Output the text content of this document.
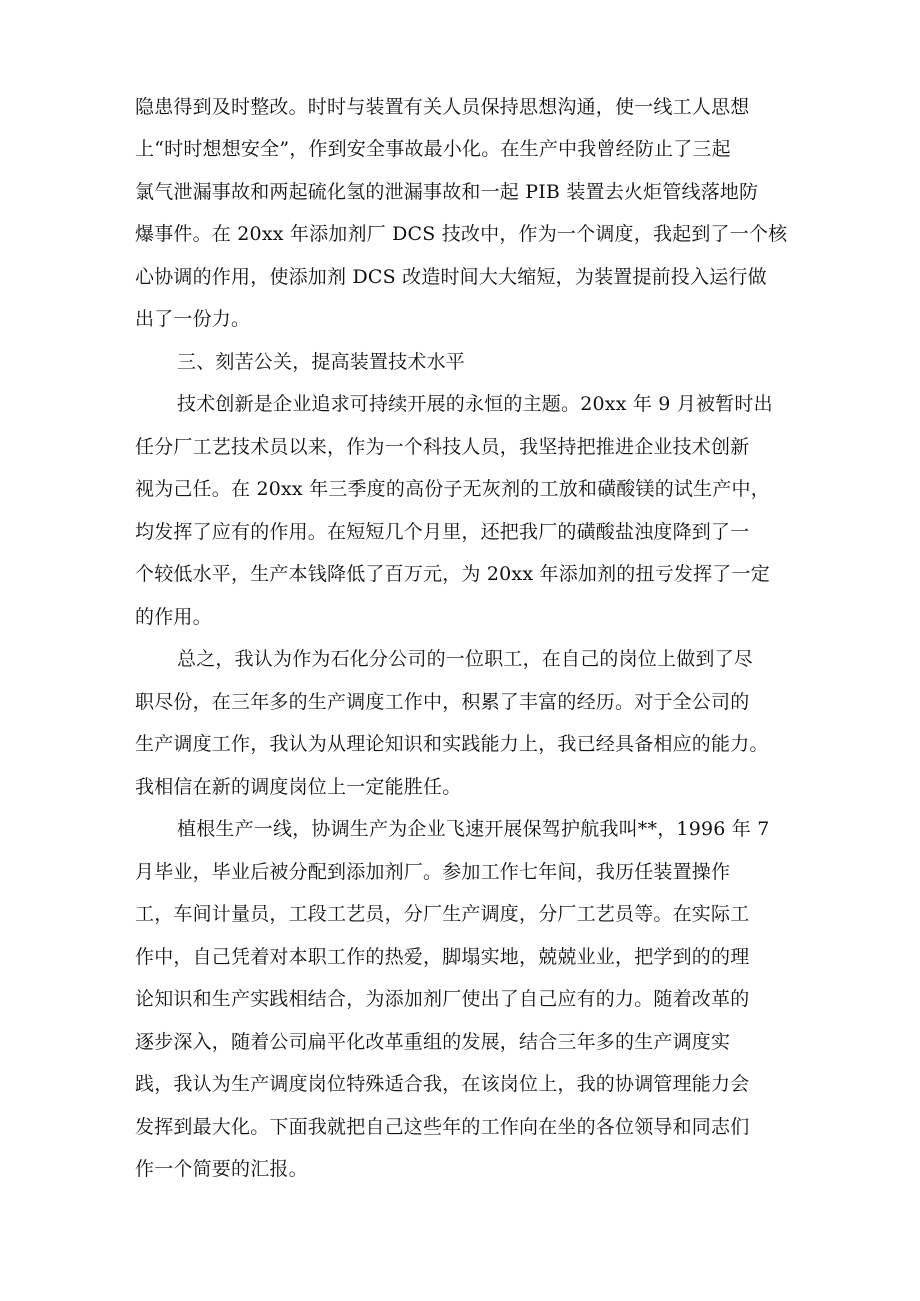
隐患得到及时整改。时时与装置有关人员保持思想沟通，使一线工人思想

上“时时想想安全”，作到安全事故最小化。在生产中我曾经防止了三起

氯气泄漏事故和两起硫化氢的泄漏事故和一起 PIB 装置去火炬管线落地防

爆事件。在 20xx 年添加剂厂 DCS 技改中，作为一个调度，我起到了一个核

心协调的作用，使添加剂 DCS 改造时间大大缩短，为装置提前投入运行做

出了一份力。

三、刻苦公关，提高装置技术水平

技术创新是企业追求可持续开展的永恒的主题。20xx 年 9 月被暂时出

任分厂工艺技术员以来，作为一个科技人员，我坚持把推进企业技术创新

视为己任。在 20xx 年三季度的高份子无灰剂的工放和磺酸镁的试生产中，

均发挥了应有的作用。在短短几个月里，还把我厂的磺酸盐浊度降到了一

个较低水平，生产本钱降低了百万元，为 20xx 年添加剂的扭亏发挥了一定

的作用。

总之，我认为作为石化分公司的一位职工，在自己的岗位上做到了尽

职尽份，在三年多的生产调度工作中，积累了丰富的经历。对于全公司的

生产调度工作，我认为从理论知识和实践能力上，我已经具备相应的能力。

我相信在新的调度岗位上一定能胜任。

植根生产一线，协调生产为企业飞速开展保驾护航我叫**，1996 年 7

月毕业，毕业后被分配到添加剂厂。参加工作七年间，我历任装置操作

工，车间计量员，工段工艺员，分厂生产调度，分厂工艺员等。在实际工

作中，自己凭着对本职工作的热爱，脚塌实地，兢兢业业，把学到的的理

论知识和生产实践相结合，为添加剂厂使出了自己应有的力。随着改革的

逐步深入，随着公司扁平化改革重组的发展，结合三年多的生产调度实

践，我认为生产调度岗位特殊适合我，在该岗位上，我的协调管理能力会

发挥到最大化。下面我就把自己这些年的工作向在坐的各位领导和同志们

作一个简要的汇报。
